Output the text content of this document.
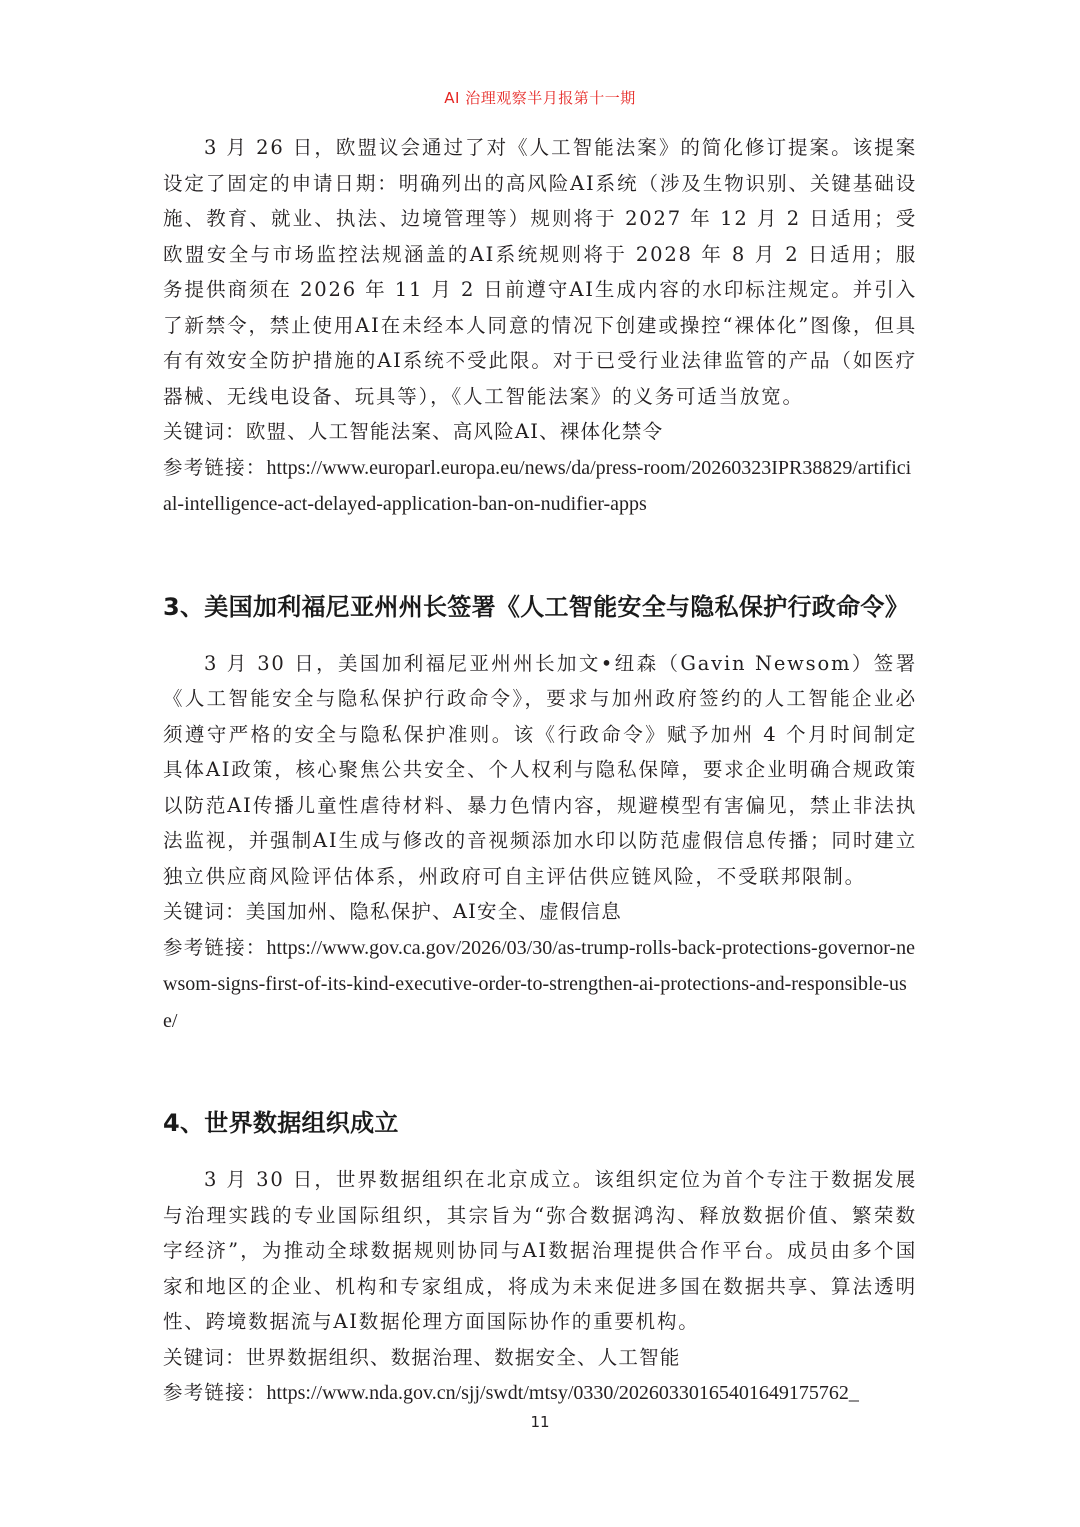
AI 治理观察半月报第十一期

3 月 26 日，欧盟议会通过了对《人工智能法案》的简化修订提案。该提案设定了固定的申请日期：明确列出的高风险AI系统（涉及生物识别、关键基础设施、教育、就业、执法、边境管理等）规则将于 2027 年 12 月 2 日适用；受欧盟安全与市场监控法规涵盖的AI系统规则将于 2028 年 8 月 2 日适用；服务提供商须在 2026 年 11 月 2 日前遵守AI生成内容的水印标注规定。并引入了新禁令，禁止使用AI在未经本人同意的情况下创建或操控“裸体化”图像，但具有有效安全防护措施的AI系统不受此限。对于已受行业法律监管的产品（如医疗器械、无线电设备、玩具等），《人工智能法案》的义务可适当放宽。

关键词：欧盟、人工智能法案、高风险AI、裸体化禁令

参考链接：https://www.europarl.europa.eu/news/da/press-room/20260323IPR38829/artificial-intelligence-act-delayed-application-ban-on-nudifier-apps

3、美国加利福尼亚州州长签署《人工智能安全与隐私保护行政命令》

3 月 30 日，美国加利福尼亚州州长加文•纽森（Gavin Newsom）签署《人工智能安全与隐私保护行政命令》，要求与加州政府签约的人工智能企业必须遵守严格的安全与隐私保护准则。该《行政命令》赋予加州 4 个月时间制定具体AI政策，核心聚焦公共安全、个人权利与隐私保障，要求企业明确合规政策以防范AI传播儿童性虐待材料、暴力色情内容，规避模型有害偏见，禁止非法执法监视，并强制AI生成与修改的音视频添加水印以防范虚假信息传播；同时建立独立供应商风险评估体系，州政府可自主评估供应链风险，不受联邦限制。

关键词：美国加州、隐私保护、AI安全、虚假信息

参考链接：https://www.gov.ca.gov/2026/03/30/as-trump-rolls-back-protections-governor-newsom-signs-first-of-its-kind-executive-order-to-strengthen-ai-protections-and-responsible-use/

4、世界数据组织成立

3 月 30 日，世界数据组织在北京成立。该组织定位为首个专注于数据发展与治理实践的专业国际组织，其宗旨为“弥合数据鸿沟、释放数据价值、繁荣数字经济”，为推动全球数据规则协同与AI数据治理提供合作平台。成员由多个国家和地区的企业、机构和专家组成，将成为未来促进多国在数据共享、算法透明性、跨境数据流与AI数据伦理方面国际协作的重要机构。

关键词：世界数据组织、数据治理、数据安全、人工智能

参考链接：https://www.nda.gov.cn/sjj/swdt/mtsy/0330/20260330165401649175762_

11
